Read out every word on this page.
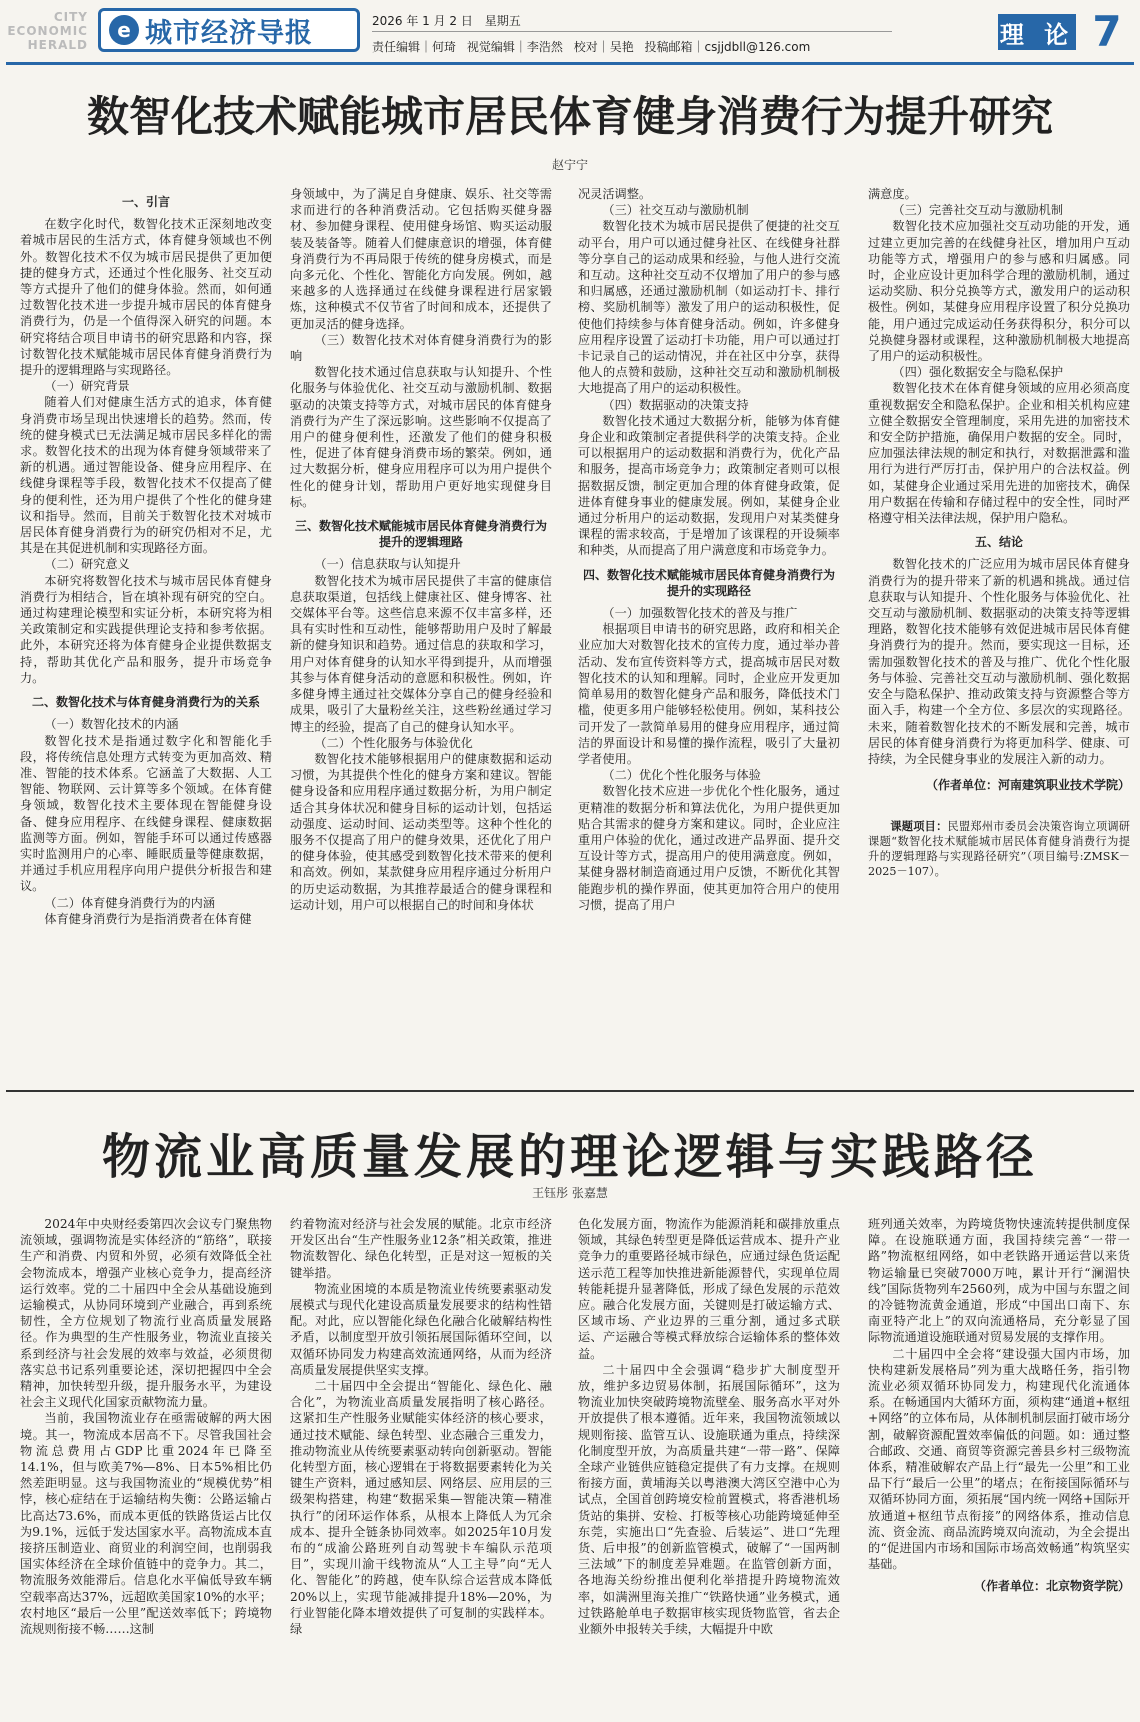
CITY ECONOMIC HERALD
e 城市经济导报	2026 年 1 月 2 日 星期五
责任编辑｜何琦 视觉编辑｜李浩然 校对｜吴艳 投稿邮箱｜csjjdbll@126.com	理 论 7
数智化技术赋能城市居民体育健身消费行为提升研究
赵宁宁

一、引言

在数字化时代，数智化技术正深刻地改变着城市居民的生活方式，体育健身领域也不例外。数智化技术不仅为城市居民提供了更加便捷的健身方式，还通过个性化服务、社交互动等方式提升了他们的健身体验。然而，如何通过数智化技术进一步提升城市居民的体育健身消费行为，仍是一个值得深入研究的问题。本研究将结合项目申请书的研究思路和内容，探讨数智化技术赋能城市居民体育健身消费行为提升的逻辑理路与实现路径。

（一）研究背景

随着人们对健康生活方式的追求，体育健身消费市场呈现出快速增长的趋势。然而，传统的健身模式已无法满足城市居民多样化的需求。数智化技术的出现为体育健身领域带来了新的机遇。通过智能设备、健身应用程序、在线健身课程等手段，数智化技术不仅提高了健身的便利性，还为用户提供了个性化的健身建议和指导。然而，目前关于数智化技术对城市居民体育健身消费行为的研究仍相对不足，尤其是在其促进机制和实现路径方面。

（二）研究意义

本研究将数智化技术与城市居民体育健身消费行为相结合，旨在填补现有研究的空白。通过构建理论模型和实证分析，本研究将为相关政策制定和实践提供理论支持和参考依据。此外，本研究还将为体育健身企业提供数据支持，帮助其优化产品和服务，提升市场竞争力。

二、数智化技术与体育健身消费行为的关系

（一）数智化技术的内涵

数智化技术是指通过数字化和智能化手段，将传统信息处理方式转变为更加高效、精准、智能的技术体系。它涵盖了大数据、人工智能、物联网、云计算等多个领域。在体育健身领域，数智化技术主要体现在智能健身设备、健身应用程序、在线健身课程、健康数据监测等方面。例如，智能手环可以通过传感器实时监测用户的心率、睡眠质量等健康数据，并通过手机应用程序向用户提供分析报告和建议。

（二）体育健身消费行为的内涵

体育健身消费行为是指消费者在体育健

身领域中，为了满足自身健康、娱乐、社交等需求而进行的各种消费活动。它包括购买健身器材、参加健身课程、使用健身场馆、购买运动服装及装备等。随着人们健康意识的增强，体育健身消费行为不再局限于传统的健身房模式，而是向多元化、个性化、智能化方向发展。例如，越来越多的人选择通过在线健身课程进行居家锻炼，这种模式不仅节省了时间和成本，还提供了更加灵活的健身选择。

（三）数智化技术对体育健身消费行为的影响

数智化技术通过信息获取与认知提升、个性化服务与体验优化、社交互动与激励机制、数据驱动的决策支持等方式，对城市居民的体育健身消费行为产生了深远影响。这些影响不仅提高了用户的健身便利性，还激发了他们的健身积极性，促进了体育健身消费市场的繁荣。例如，通过大数据分析，健身应用程序可以为用户提供个性化的健身计划，帮助用户更好地实现健身目标。

三、数智化技术赋能城市居民体育健身消费行为提升的逻辑理路

（一）信息获取与认知提升

数智化技术为城市居民提供了丰富的健康信息获取渠道，包括线上健康社区、健身博客、社交媒体平台等。这些信息来源不仅丰富多样，还具有实时性和互动性，能够帮助用户及时了解最新的健身知识和趋势。通过信息的获取和学习，用户对体育健身的认知水平得到提升，从而增强其参与体育健身活动的意愿和积极性。例如，许多健身博主通过社交媒体分享自己的健身经验和成果，吸引了大量粉丝关注，这些粉丝通过学习博主的经验，提高了自己的健身认知水平。

（二）个性化服务与体验优化

数智化技术能够根据用户的健康数据和运动习惯，为其提供个性化的健身方案和建议。智能健身设备和应用程序通过数据分析，为用户制定适合其身体状况和健身目标的运动计划，包括运动强度、运动时间、运动类型等。这种个性化的服务不仅提高了用户的健身效果，还优化了用户的健身体验，使其感受到数智化技术带来的便利和高效。例如，某款健身应用程序通过分析用户的历史运动数据，为其推荐最适合的健身课程和运动计划，用户可以根据自己的时间和身体状

况灵活调整。

（三）社交互动与激励机制

数智化技术为城市居民提供了便捷的社交互动平台，用户可以通过健身社区、在线健身社群等分享自己的运动成果和经验，与他人进行交流和互动。这种社交互动不仅增加了用户的参与感和归属感，还通过激励机制（如运动打卡、排行榜、奖励机制等）激发了用户的运动积极性，促使他们持续参与体育健身活动。例如，许多健身应用程序设置了运动打卡功能，用户可以通过打卡记录自己的运动情况，并在社区中分享，获得他人的点赞和鼓励，这种社交互动和激励机制极大地提高了用户的运动积极性。

（四）数据驱动的决策支持

数智化技术通过大数据分析，能够为体育健身企业和政策制定者提供科学的决策支持。企业可以根据用户的运动数据和消费行为，优化产品和服务，提高市场竞争力；政策制定者则可以根据数据反馈，制定更加合理的体育健身政策，促进体育健身事业的健康发展。例如，某健身企业通过分析用户的运动数据，发现用户对某类健身课程的需求较高，于是增加了该课程的开设频率和种类，从而提高了用户满意度和市场竞争力。

四、数智化技术赋能城市居民体育健身消费行为提升的实现路径

（一）加强数智化技术的普及与推广

根据项目申请书的研究思路，政府和相关企业应加大对数智化技术的宣传力度，通过举办普活动、发布宣传资料等方式，提高城市居民对数智化技术的认知和理解。同时，企业应开发更加简单易用的数智化健身产品和服务，降低技术门槛，使更多用户能够轻松使用。例如，某科技公司开发了一款简单易用的健身应用程序，通过简洁的界面设计和易懂的操作流程，吸引了大量初学者使用。

（二）优化个性化服务与体验

数智化技术应进一步优化个性化服务，通过更精准的数据分析和算法优化，为用户提供更加贴合其需求的健身方案和建议。同时，企业应注重用户体验的优化，通过改进产品界面、提升交互设计等方式，提高用户的使用满意度。例如，某健身器材制造商通过用户反馈，不断优化其智能跑步机的操作界面，使其更加符合用户的使用习惯，提高了用户

满意度。

（三）完善社交互动与激励机制

数智化技术应加强社交互动功能的开发，通过建立更加完善的在线健身社区，增加用户互动功能等方式，增强用户的参与感和归属感。同时，企业应设计更加科学合理的激励机制，通过运动奖励、积分兑换等方式，激发用户的运动积极性。例如，某健身应用程序设置了积分兑换功能，用户通过完成运动任务获得积分，积分可以兑换健身器材或课程，这种激励机制极大地提高了用户的运动积极性。

（四）强化数据安全与隐私保护

数智化技术在体育健身领域的应用必须高度重视数据安全和隐私保护。企业和相关机构应建立健全数据安全管理制度，采用先进的加密技术和安全防护措施，确保用户数据的安全。同时，应加强法律法规的制定和执行，对数据泄露和滥用行为进行严厉打击，保护用户的合法权益。例如，某健身企业通过采用先进的加密技术，确保用户数据在传输和存储过程中的安全性，同时严格遵守相关法律法规，保护用户隐私。

五、结论

数智化技术的广泛应用为城市居民体育健身消费行为的提升带来了新的机遇和挑战。通过信息获取与认知提升、个性化服务与体验优化、社交互动与激励机制、数据驱动的决策支持等逻辑理路，数智化技术能够有效促进城市居民体育健身消费行为的提升。然而，要实现这一目标，还需加强数智化技术的普及与推广、优化个性化服务与体验、完善社交互动与激励机制、强化数据安全与隐私保护、推动政策支持与资源整合等方面入手，构建一个全方位、多层次的实现路径。未来，随着数智化技术的不断发展和完善，城市居民的体育健身消费行为将更加科学、健康、可持续，为全民健身事业的发展注入新的动力。

（作者单位：河南建筑职业技术学院）

课题项目：民盟郑州市委员会决策咨询立项调研课题“数智化技术赋能城市居民体育健身消费行为提升的逻辑理路与实现路径研究”（项目编号:ZMSK－2025－107）。

物流业高质量发展的理论逻辑与实践路径
王钰彤 张嘉慧

2024年中央财经委第四次会议专门聚焦物流领域，强调物流是实体经济的“筋络”，联接生产和消费、内贸和外贸，必须有效降低全社会物流成本，增强产业核心竞争力，提高经济运行效率。党的二十届四中全会从基础设施到运输模式，从协同环境到产业融合，再到系统韧性，全方位规划了物流行业高质量发展路径。作为典型的生产性服务业，物流业直接关系到经济与社会发展的效率与效益，必须贯彻落实总书记系列重要论述，深切把握四中全会精神，加快转型升级，提升服务水平，为建设社会主义现代化国家贡献物流力量。

当前，我国物流业存在亟需破解的两大困境。其一，物流成本居高不下。尽管我国社会物流总费用占GDP比重2024年已降至14.1%，但与欧美7%—8%、日本5%相比仍然差距明显。这与我国物流业的“规模优势”相悖，核心症结在于运输结构失衡：公路运输占比高达73.6%，而成本更低的铁路货运占比仅为9.1%，远低于发达国家水平。高物流成本直接挤压制造业、商贸业的利润空间，也削弱我国实体经济在全球价值链中的竞争力。其二，物流服务效能滞后。信息化水平偏低导致车辆空载率高达37%，远超欧美国家10%的水平；农村地区“最后一公里”配送效率低下；跨境物流规则衔接不畅……这制

约着物流对经济与社会发展的赋能。北京市经济开发区出台“生产性服务业12条”相关政策，推进物流数智化、绿色化转型，正是对这一短板的关键举措。

物流业困境的本质是物流业传统要素驱动发展模式与现代化建设高质量发展要求的结构性错配。对此，应以智能化绿色化融合化破解结构性矛盾，以制度型开放引领拓展国际循环空间，以双循环协同发力构建高效流通网络，从而为经济高质量发展提供坚实支撑。

二十届四中全会提出“智能化、绿色化、融合化”，为物流业高质量发展指明了核心路径。这紧扣生产性服务业赋能实体经济的核心要求，通过技术赋能、绿色转型、业态融合三重发力，推动物流业从传统要素驱动转向创新驱动。智能化转型方面，核心逻辑在于将数据要素转化为关键生产资料，通过感知层、网络层、应用层的三级架构搭建，构建“数据采集—智能决策—精准执行”的闭环运作体系，从根本上降低人为冗余成本、提升全链条协同效率。如2025年10月发布的“成渝公路班列自动驾驶卡车编队示范项目”，实现川渝干线物流从“人工主导”向“无人化、智能化”的跨越，使车队综合运营成本降低20%以上，实现节能减排提升18%—20%，为行业智能化降本增效提供了可复制的实践样本。绿

色化发展方面，物流作为能源消耗和碳排放重点领域，其绿色转型更是降低运营成本、提升产业竞争力的重要路径城市绿色，应通过绿色货运配送示范工程等加快推进新能源替代，实现单位周转能耗提升显著降低，形成了绿色发展的示范效应。融合化发展方面，关键则是打破运输方式、区域市场、产业边界的三重分割，通过多式联运、产运融合等模式释放综合运输体系的整体效益。

二十届四中全会强调“稳步扩大制度型开放，维护多边贸易体制，拓展国际循环”，这为物流业加快突破跨境物流壁垒、服务高水平对外开放提供了根本遵循。近年来，我国物流领域以规则衔接、监管互认、设施联通为重点，持续深化制度型开放，为高质量共建“一带一路”、保障全球产业链供应链稳定提供了有力支撑。在规则衔接方面，黄埔海关以粤港澳大湾区空港中心为试点，全国首创跨境安检前置模式，将香港机场货站的集拼、安检、打板等核心功能跨境延伸至东莞，实施出口“先查验、后装运”、进口“先理货、后申报”的创新监管模式，破解了“一国两制三法域”下的制度差异难题。在监管创新方面，各地海关纷纷推出便利化举措提升跨境物流效率，如满洲里海关推广“铁路快通”业务模式，通过铁路舱单电子数据审核实现货物监管，省去企业额外申报转关手续，大幅提升中欧

班列通关效率，为跨境货物快速流转提供制度保障。在设施联通方面，我国持续完善“一带一路”物流枢纽网络，如中老铁路开通运营以来货物运输量已突破7000万吨，累计开行“澜湄快线”国际货物列车2560列，成为中国与东盟之间的冷链物流黄金通道，形成“中国出口南下、东南亚特产北上”的双向流通格局，充分彰显了国际物流通道设施联通对贸易发展的支撑作用。

二十届四中全会将“建设强大国内市场，加快构建新发展格局”列为重大战略任务，指引物流业必须双循环协同发力，构建现代化流通体系。在畅通国内大循环方面，须构建“通道+枢纽+网络”的立体布局，从体制机制层面打破市场分割，破解资源配置效率偏低的问题。如：通过整合邮政、交通、商贸等资源完善县乡村三级物流体系，精准破解农产品上行“最先一公里”和工业品下行“最后一公里”的堵点；在衔接国际循环与双循环协同方面，须拓展“国内统一网络+国际开放通道+枢纽节点衔接”的网络体系，推动信息流、资金流、商品流跨境双向流动，为全会提出的“促进国内市场和国际市场高效畅通”构筑坚实基础。

（作者单位：北京物资学院）
